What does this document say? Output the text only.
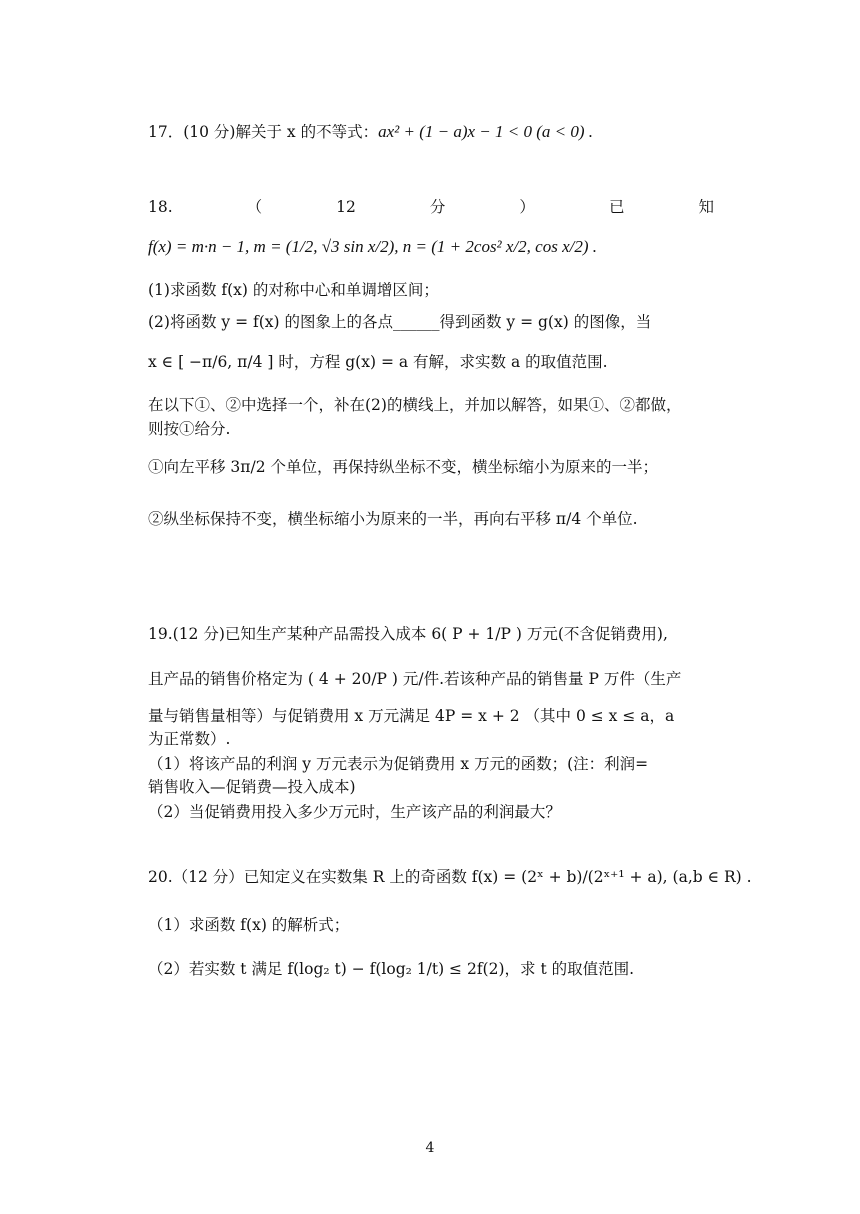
17．(10 分)解关于 x 的不等式：ax² + (1 − a)x − 1 < 0 (a < 0) .
18.	（	12	分	）	已	知
f(x) = m·n − 1, m = (1/2, √3 sin x/2), n = (1 + 2cos² x/2, cos x/2) .
(1)求函数 f(x) 的对称中心和单调增区间；
(2)将函数 y = f(x) 的图象上的各点______得到函数 y = g(x) 的图像，当
x ∈ [ −π/6, π/4 ] 时，方程 g(x) = a 有解，求实数 a 的取值范围.
在以下①、②中选择一个，补在(2)的横线上，并加以解答，如果①、②都做，
则按①给分.
①向左平移 3π/2 个单位，再保持纵坐标不变，横坐标缩小为原来的一半；
②纵坐标保持不变，横坐标缩小为原来的一半，再向右平移 π/4 个单位.
19.(12 分)已知生产某种产品需投入成本 6( P + 1/P ) 万元(不含促销费用),
且产品的销售价格定为 ( 4 + 20/P ) 元/件.若该种产品的销售量 P 万件（生产
量与销售量相等）与促销费用 x 万元满足 4P = x + 2 （其中 0 ≤ x ≤ a，a
为正常数）.
（1）将该产品的利润 y 万元表示为促销费用 x 万元的函数；(注：利润=
销售收入—促销费—投入成本)
（2）当促销费用投入多少万元时，生产该产品的利润最大？
20.（12 分）已知定义在实数集 R 上的奇函数 f(x) = (2ˣ + b)/(2ˣ⁺¹ + a), (a,b ∈ R) .
（1）求函数 f(x) 的解析式；
（2）若实数 t 满足 f(log₂ t) − f(log₂ 1/t) ≤ 2f(2)，求 t 的取值范围.
4
